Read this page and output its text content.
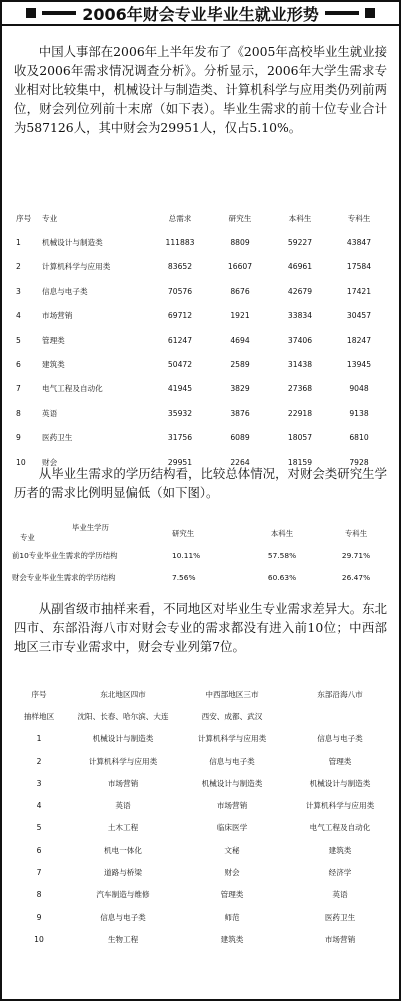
2006年财会专业毕业生就业形势

中国人事部在2006年上半年发布了《2005年高校毕业生就业接收及2006年需求情况调查分析》。分析显示，2006年大学生需求专业相对比较集中，机械设计与制造类、计算机科学与应用类仍列前两位，财会列位列前十末席（如下表）。毕业生需求的前十位专业合计为587126人，其中财会为29951人，仅占5.10%。

序号	专业	总需求	研究生	本科生	专科生
1	机械设计与制造类	111883	8809	59227	43847
2	计算机科学与应用类	83652	16607	46961	17584
3	信息与电子类	70576	8676	42679	17421
4	市场营销	69712	1921	33834	30457
5	管理类	61247	4694	37406	18247
6	建筑类	50472	2589	31438	13945
7	电气工程及自动化	41945	3829	27368	9048
8	英语	35932	3876	22918	9138
9	医药卫生	31756	6089	18057	6810
10	财会	29951	2264	18159	7928

从毕业生需求的学历结构看，比较总体情况，对财会类研究生学历者的需求比例明显偏低（如下图）。

毕业生学历
专业	研究生	本科生	专科生
前10专业毕业生需求的学历结构	10.11%	57.58%	29.71%
财会专业毕业生需求的学历结构	7.56%	60.63%	26.47%

从副省级市抽样来看，不同地区对毕业生专业需求差异大。东北四市、东部沿海八市对财会专业的需求都没有进入前10位；中西部地区三市专业需求中，财会专业列第7位。

序号	东北地区四市	中西部地区三市	东部沿海八市
抽样地区	沈阳、长春、哈尔滨、大连	西安、成都、武汉	
1	机械设计与制造类	计算机科学与应用类	信息与电子类
2	计算机科学与应用类	信息与电子类	管理类
3	市场营销	机械设计与制造类	机械设计与制造类
4	英语	市场营销	计算机科学与应用类
5	土木工程	临床医学	电气工程及自动化
6	机电一体化	文秘	建筑类
7	道路与桥梁	财会	经济学
8	汽车制造与维修	管理类	英语
9	信息与电子类	师范	医药卫生
10	生物工程	建筑类	市场营销
